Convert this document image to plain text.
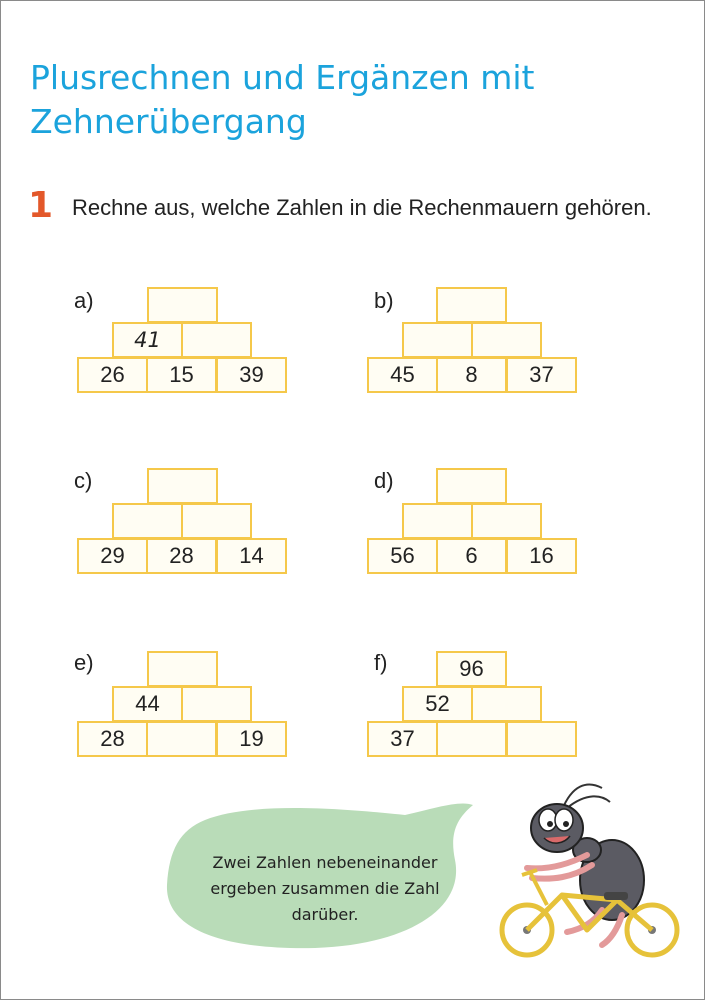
Plusrechnen und Ergänzen mit Zehnerübergang
1 Rechne aus, welche Zahlen in die Rechenmauern gehören.
a)
41
26	15	39
b)
45	8	37
c)
29	28	14
d)
56	6	16
e)
44
28	19
f)	96
52
37
Zwei Zahlen nebeneinander ergeben zusammen die Zahl darüber.
